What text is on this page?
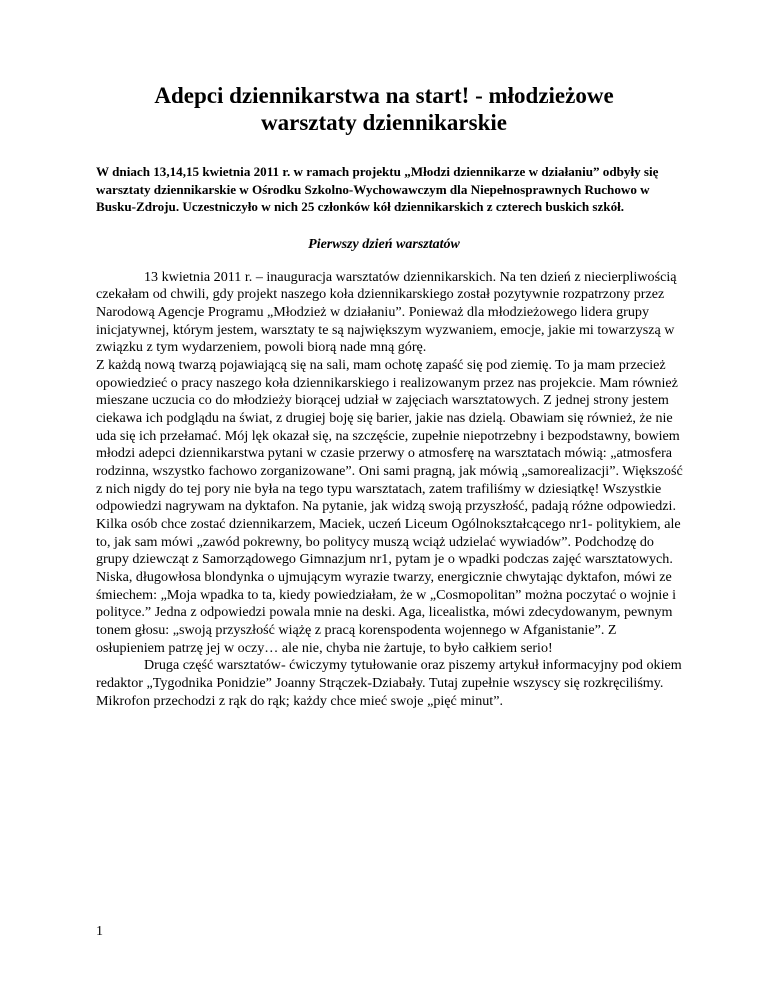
Adepci dziennikarstwa na start! - młodzieżowe warsztaty dziennikarskie

W dniach 13,14,15 kwietnia 2011 r. w ramach projektu „Młodzi dziennikarze w działaniu” odbyły się warsztaty dziennikarskie w Ośrodku Szkolno-Wychowawczym dla Niepełnosprawnych Ruchowo w Busku-Zdroju. Uczestniczyło w nich 25 członków kół dziennikarskich z czterech buskich szkół.

Pierwszy dzień warsztatów

13 kwietnia 2011 r. – inauguracja warsztatów dziennikarskich. Na ten dzień z niecierpliwością czekałam od chwili, gdy projekt naszego koła dziennikarskiego został pozytywnie rozpatrzony przez Narodową Agencje Programu „Młodzież w działaniu”. Ponieważ dla młodzieżowego lidera grupy inicjatywnej, którym jestem, warsztaty te są największym wyzwaniem, emocje, jakie mi towarzyszą w związku z tym wydarzeniem, powoli biorą nade mną górę.

Z każdą nową twarzą pojawiającą się na sali, mam ochotę zapaść się pod ziemię. To ja mam przecież opowiedzieć o pracy naszego koła dziennikarskiego i realizowanym przez nas projekcie. Mam również mieszane uczucia co do młodzieży biorącej udział w zajęciach warsztatowych. Z jednej strony jestem ciekawa ich podglądu na świat, z drugiej boję się barier, jakie nas dzielą. Obawiam się również, że nie uda się ich przełamać. Mój lęk okazał się, na szczęście, zupełnie niepotrzebny i bezpodstawny, bowiem młodzi adepci dziennikarstwa pytani w czasie przerwy o atmosferę na warsztatach mówią: „atmosfera rodzinna, wszystko fachowo zorganizowane”. Oni sami pragną, jak mówią „samorealizacji”. Większość z nich nigdy do tej pory nie była na tego typu warsztatach, zatem trafiliśmy w dziesiątkę! Wszystkie odpowiedzi nagrywam na dyktafon. Na pytanie, jak widzą swoją przyszłość, padają różne odpowiedzi. Kilka osób chce zostać dziennikarzem, Maciek, uczeń Liceum Ogólnokształcącego nr1- politykiem, ale to, jak sam mówi „zawód pokrewny, bo politycy muszą wciąż udzielać wywiadów”. Podchodzę do grupy dziewcząt z Samorządowego Gimnazjum nr1, pytam je o wpadki podczas zajęć warsztatowych. Niska, długowłosa blondynka o ujmującym wyrazie twarzy, energicznie chwytając dyktafon, mówi ze śmiechem: „Moja wpadka to ta, kiedy powiedziałam, że w „Cosmopolitan” można poczytać o wojnie i polityce.” Jedna z odpowiedzi powala mnie na deski. Aga, licealistka, mówi zdecydowanym, pewnym tonem głosu: „swoją przyszłość wiążę z pracą korenspodenta wojennego w Afganistanie”. Z osłupieniem patrzę jej w oczy… ale nie, chyba nie żartuje, to było całkiem serio!

Druga część warsztatów- ćwiczymy tytułowanie oraz piszemy artykuł informacyjny pod okiem redaktor „Tygodnika Ponidzie” Joanny Strączek-Dziabały. Tutaj zupełnie wszyscy się rozkręciliśmy. Mikrofon przechodzi z rąk do rąk; każdy chce mieć swoje „pięć minut”.

1
